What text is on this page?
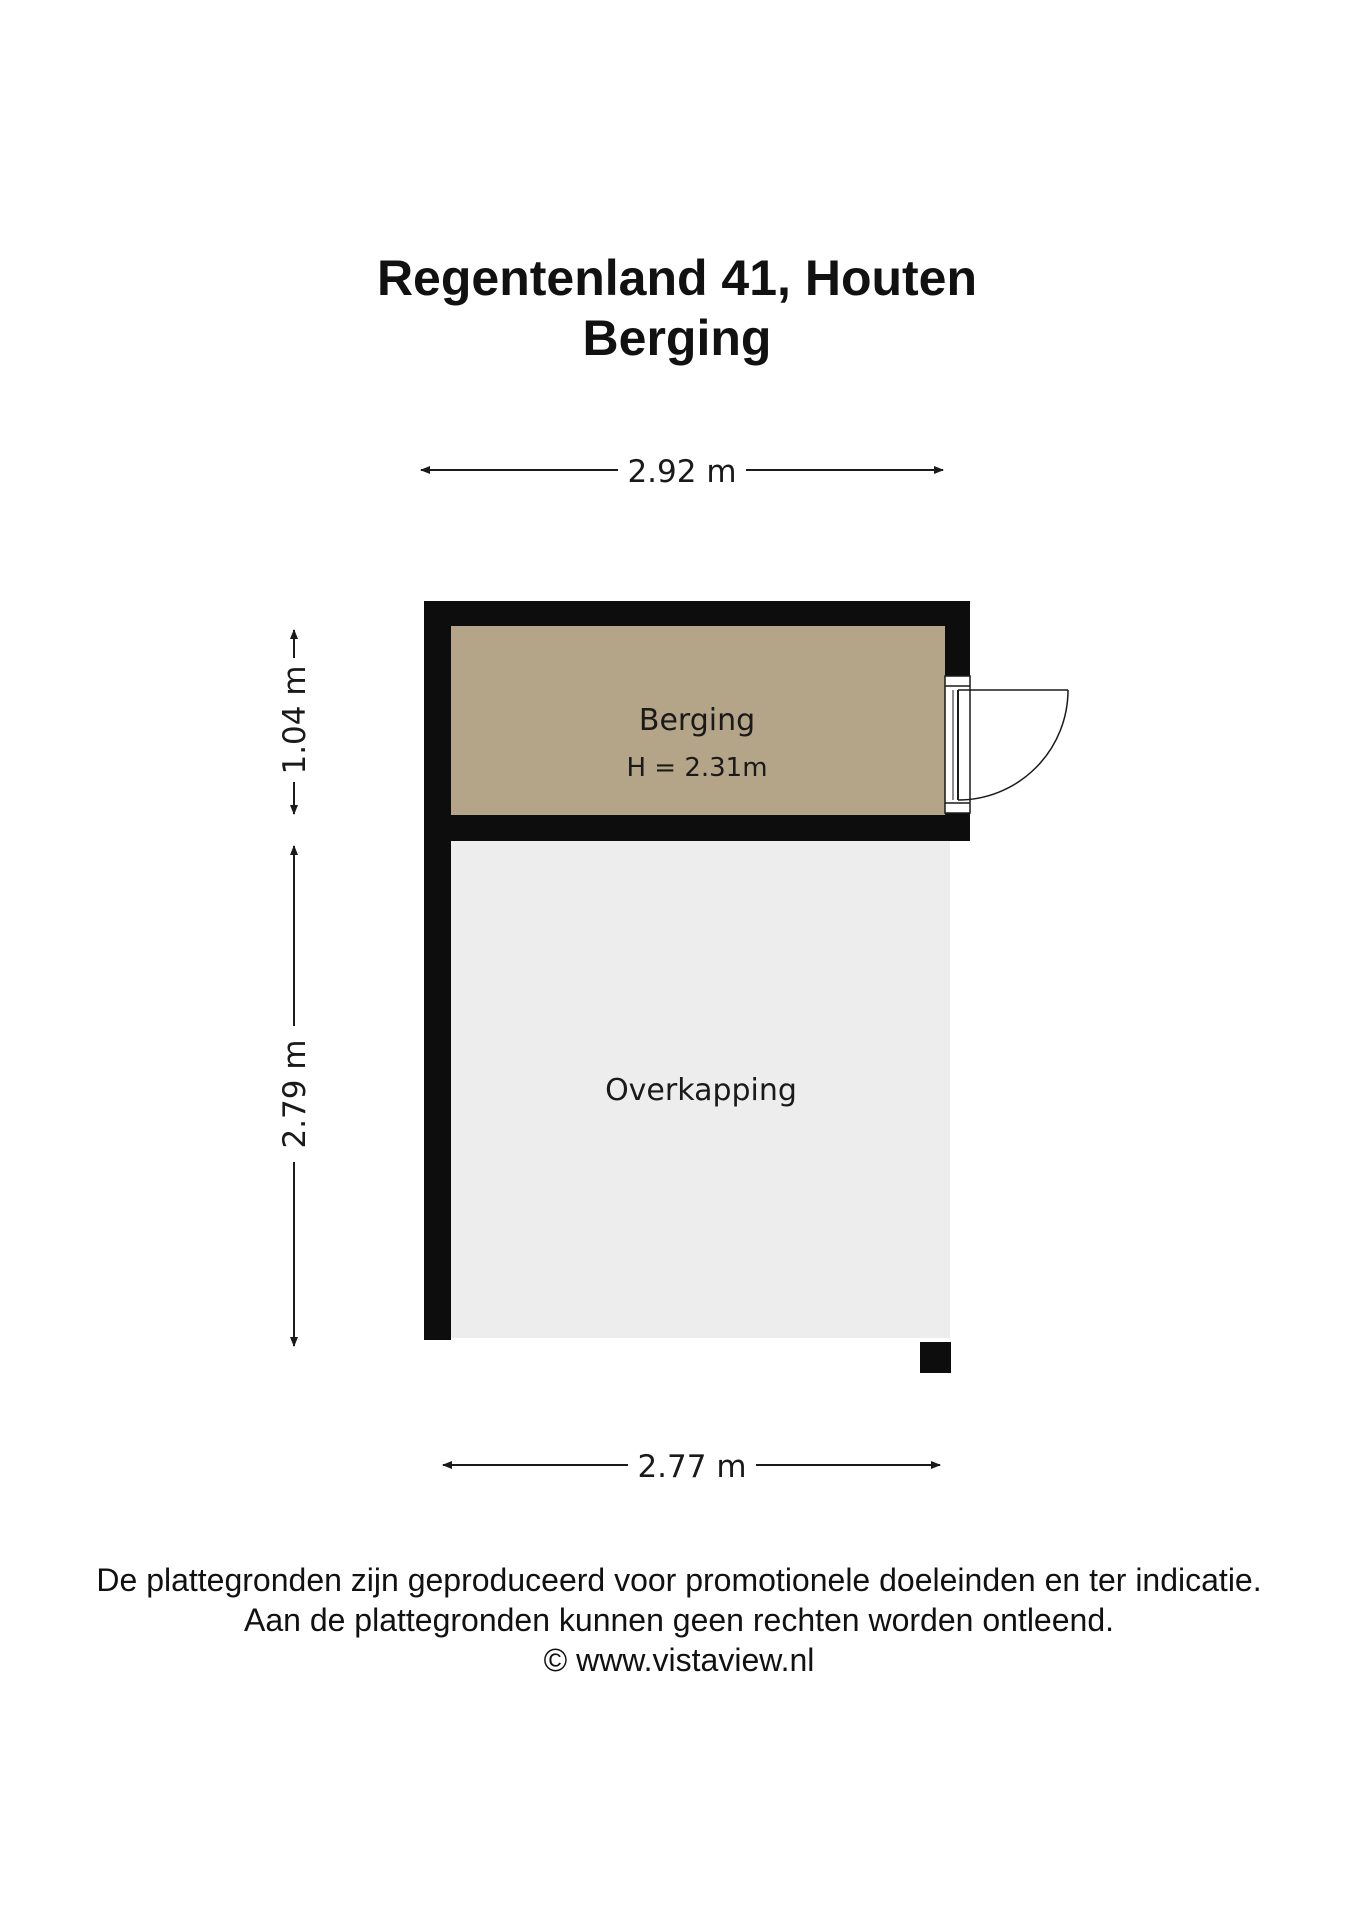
Regentenland 41, Houten
Berging
Berging
H = 2.31m
Overkapping
2.92 m
2.77 m
1.04 m
2.79 m
De plattegronden zijn geproduceerd voor promotionele doeleinden en ter indicatie.
Aan de plattegronden kunnen geen rechten worden ontleend.
© www.vistaview.nl
